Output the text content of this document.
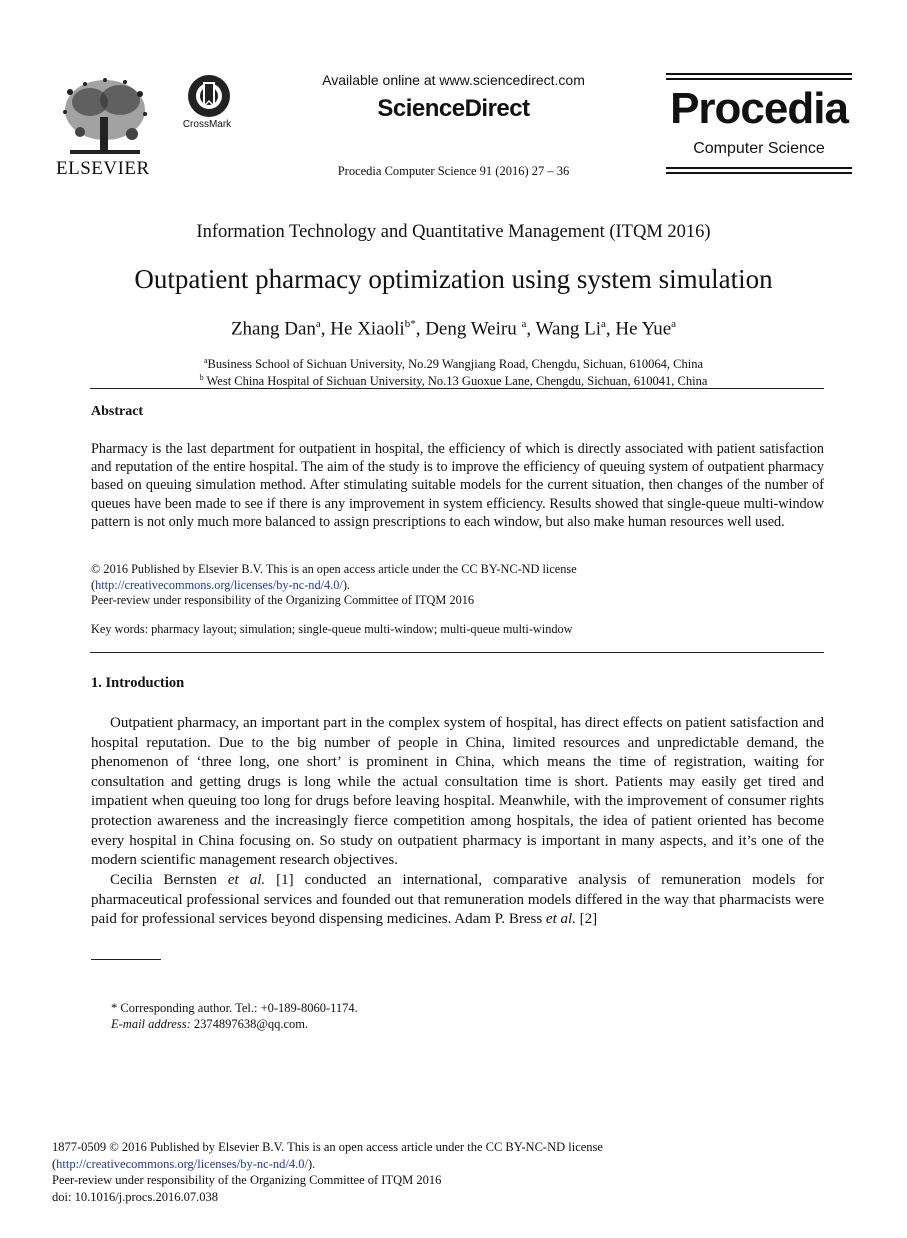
ELSEVIER
CrossMark
Available online at www.sciencedirect.com
ScienceDirect
Procedia Computer Science 91 (2016) 27 – 36
Procedia
Computer Science
Information Technology and Quantitative Management (ITQM 2016)
Outpatient pharmacy optimization using system simulation
Zhang Dan$^a$, He Xiaoli$^{b*}$, Deng Weiru $^a$, Wang Li$^a$, He Yue$^a$
$^a$Business School of Sichuan University, No.29 Wangjiang Road, Chengdu, Sichuan, 610064, China
$^b$ West China Hospital of Sichuan University, No.13 Guoxue Lane, Chengdu, Sichuan, 610041, China
Abstract
Pharmacy is the last department for outpatient in hospital, the efficiency of which is directly associated with patient satisfaction and reputation of the entire hospital. The aim of the study is to improve the efficiency of queuing system of outpatient pharmacy based on queuing simulation method. After stimulating suitable models for the current situation, then changes of the number of queues have been made to see if there is any improvement in system efficiency. Results showed that single-queue multi-window pattern is not only much more balanced to assign prescriptions to each window, but also make human resources well used.
© 2016 Published by Elsevier B.V. This is an open access article under the CC BY-NC-ND license
(http://creativecommons.org/licenses/by-nc-nd/4.0/).
Peer-review under responsibility of the Organizing Committee of ITQM 2016
Key words: pharmacy layout; simulation; single-queue multi-window; multi-queue multi-window
1. Introduction
Outpatient pharmacy, an important part in the complex system of hospital, has direct effects on patient satisfaction and hospital reputation. Due to the big number of people in China, limited resources and unpredictable demand, the phenomenon of ‘three long, one short’ is prominent in China, which means the time of registration, waiting for consultation and getting drugs is long while the actual consultation time is short. Patients may easily get tired and impatient when queuing too long for drugs before leaving hospital. Meanwhile, with the improvement of consumer rights protection awareness and the increasingly fierce competition among hospitals, the idea of patient oriented has become every hospital in China focusing on. So study on outpatient pharmacy is important in many aspects, and it’s one of the modern scientific management research objectives.
Cecilia Bernsten et al. [1] conducted an international, comparative analysis of remuneration models for pharmaceutical professional services and founded out that remuneration models differed in the way that pharmacists were paid for professional services beyond dispensing medicines. Adam P. Bress et al. [2]
* Corresponding author. Tel.: +0-189-8060-1174.
E-mail address: 2374897638@qq.com.
1877-0509 © 2016 Published by Elsevier B.V. This is an open access article under the CC BY-NC-ND license
(http://creativecommons.org/licenses/by-nc-nd/4.0/).
Peer-review under responsibility of the Organizing Committee of ITQM 2016
doi: 10.1016/j.procs.2016.07.038
